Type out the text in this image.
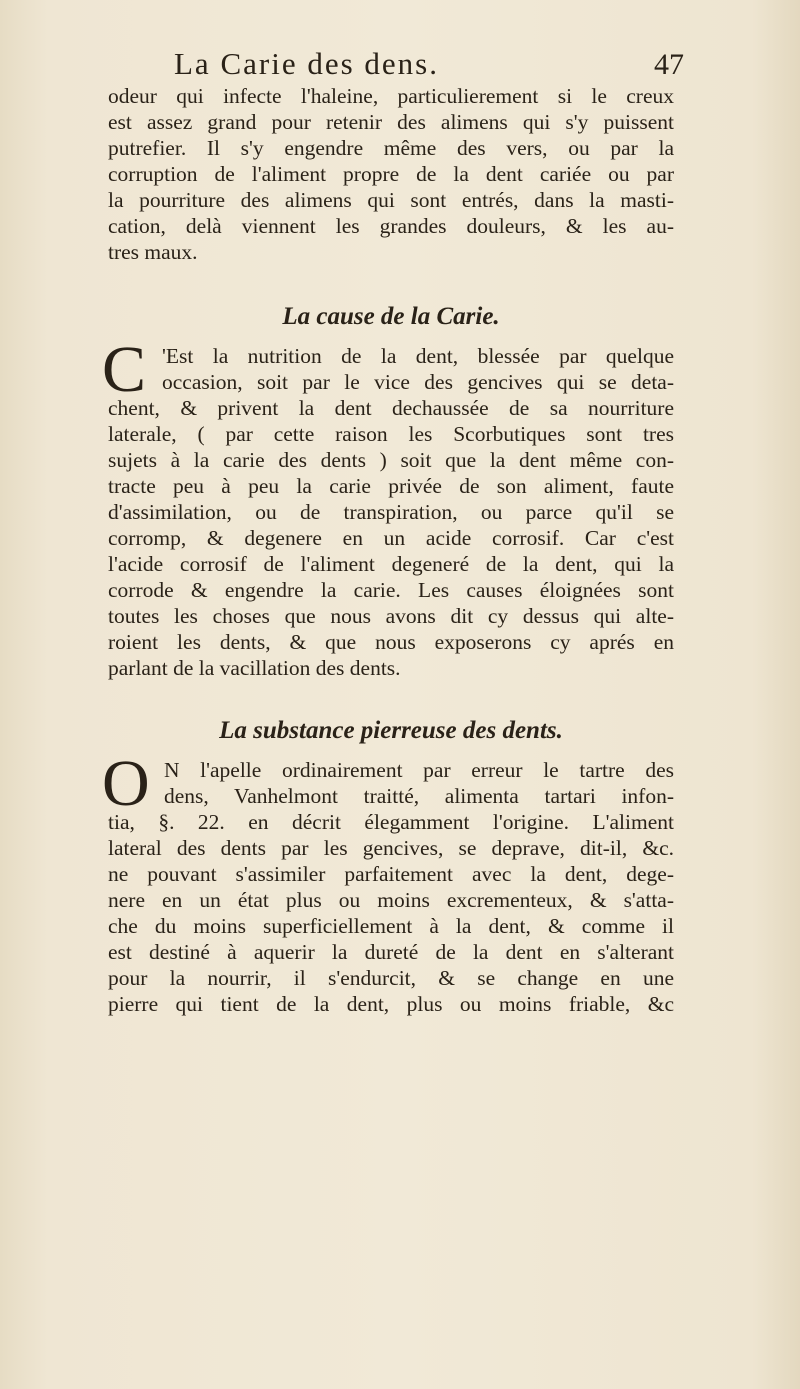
La Carie des dens.	47
odeur qui infecte l'haleine, particulierement si le creux
est assez grand pour retenir des alimens qui s'y puissent
putrefier. Il s'y engendre même des vers, ou par la
corruption de l'aliment propre de la dent cariée ou par
la pourriture des alimens qui sont entrés, dans la masti-
cation, delà viennent les grandes douleurs, & les au-
tres maux.
La cause de la Carie.
C 'Est la nutrition de la dent, blessée par quelque
occasion, soit par le vice des gencives qui se deta-
chent, & privent la dent dechaussée de sa nourriture
laterale, ( par cette raison les Scorbutiques sont tres
sujets à la carie des dents ) soit que la dent même con-
tracte peu à peu la carie privée de son aliment, faute
d'assimilation, ou de transpiration, ou parce qu'il se
corromp, & degenere en un acide corrosif. Car c'est
l'acide corrosif de l'aliment degeneré de la dent, qui la
corrode & engendre la carie. Les causes éloignées sont
toutes les choses que nous avons dit cy dessus qui alte-
roient les dents, & que nous exposerons cy aprés en
parlant de la vacillation des dents.
La substance pierreuse des dents.
O N l'apelle ordinairement par erreur le tartre des
dens, Vanhelmont traitté, alimenta tartari infon-
tia, §. 22. en décrit élegamment l'origine. L'aliment
lateral des dents par les gencives, se deprave, dit-il, &c.
ne pouvant s'assimiler parfaitement avec la dent, dege-
nere en un état plus ou moins excrementeux, & s'atta-
che du moins superficiellement à la dent, & comme il
est destiné à aquerir la dureté de la dent en s'alterant
pour la nourrir, il s'endurcit, & se change en une
pierre qui tient de la dent, plus ou moins friable, &c
